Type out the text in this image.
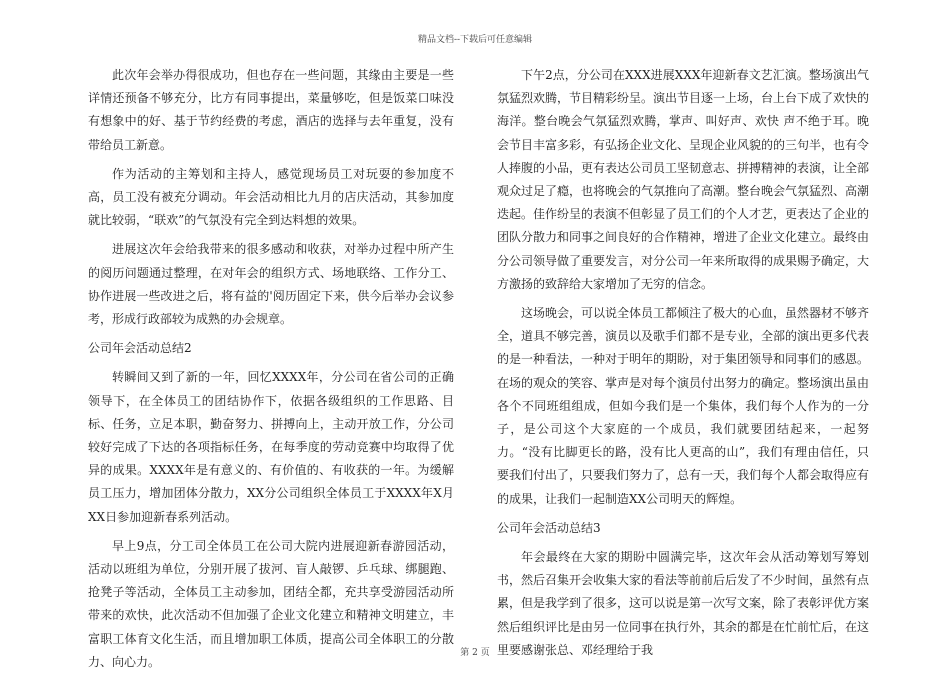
精品文档--下载后可任意编辑

此次年会举办得很成功，但也存在一些问题，其缘由主要是一些详情还预备不够充分，比方有同事提出，菜量够吃，但是饭菜口味没有想象中的好、基于节约经费的考虑，酒店的选择与去年重复，没有带给员工新意。

作为活动的主筹划和主持人，感觉现场员工对玩耍的参加度不高，员工没有被充分调动。年会活动相比九月的店庆活动，其参加度就比较弱，“联欢”的气氛没有完全到达料想的效果。

进展这次年会给我带来的很多感动和收获，对举办过程中所产生的阅历问题通过整理，在对年会的组织方式、场地联络、工作分工、协作进展一些改进之后，将有益的'阅历固定下来，供今后举办会议参考，形成行政部较为成熟的办会规章。

公司年会活动总结2

转瞬间又到了新的一年，回忆XXXX年，分公司在省公司的正确领导下，在全体员工的团结协作下，依据各级组织的工作思路、目标、任务，立足本职，勤奋努力、拼搏向上，主动开放工作，分公司较好完成了下达的各项指标任务，在每季度的劳动竞赛中均取得了优异的成果。XXXX年是有意义的、有价值的、有收获的一年。为缓解员工压力，增加团体分散力，XX分公司组织全体员工于XXXX年X月XX日参加迎新春系列活动。

早上9点，分工司全体员工在公司大院内进展迎新春游园活动，活动以班组为单位，分别开展了拔河、盲人敲锣、乒乓球、绑腿跑、抢凳子等活动，全体员工主动参加，团结全都，充共享受游园活动所带来的欢快，此次活动不但加强了企业文化建立和精神文明建立，丰富职工体育文化生活，而且增加职工体质，提高公司全体职工的分散力、向心力。

下午2点，分公司在XXX进展XXX年迎新春文艺汇演。整场演出气氛猛烈欢腾，节目精彩纷呈。演出节目逐一上场，台上台下成了欢快的海洋。整台晚会气氛猛烈欢腾，掌声、叫好声、欢快 声不绝于耳。晚会节目丰富多彩，有弘扬企业文化、呈现企业风貌的的三句半，也有令人捧腹的小品，更有表达公司员工坚韧意志、拼搏精神的表演，让全部观众过足了瘾，也将晚会的气氛推向了高潮。整台晚会气氛猛烈、高潮迭起。佳作纷呈的表演不但彰显了员工们的个人才艺，更表达了企业的团队分散力和同事之间良好的合作精神，增进了企业文化建立。最终由分公司领导做了重要发言，对分公司一年来所取得的成果赐予确定，大方激扬的致辞给大家增加了无穷的信念。

这场晚会，可以说全体员工都倾注了极大的心血，虽然器材不够齐全，道具不够完善，演员以及歌手们都不是专业，全部的演出更多代表的是一种看法，一种对于明年的期盼，对于集团领导和同事们的感恩。在场的观众的笑容、掌声是对每个演员付出努力的确定。整场演出虽由各个不同班组组成，但如今我们是一个集体，我们每个人作为的一分子，是公司这个大家庭的一个成员，我们就要团结起来，一起努力。“没有比脚更长的路，没有比人更高的山”，我们有理由信任，只要我们付出了，只要我们努力了，总有一天，我们每个人都会取得应有的成果，让我们一起制造XX公司明天的辉煌。

公司年会活动总结3

年会最终在大家的期盼中圆满完毕，这次年会从活动筹划写筹划书，然后召集开会收集大家的看法等前前后后发了不少时间，虽然有点累，但是我学到了很多，这可以说是第一次写文案，除了表彰评优方案然后组织评比是由另一位同事在执行外，其余的都是在忙前忙后，在这里要感谢张总、邓经理给于我

第 2 页
